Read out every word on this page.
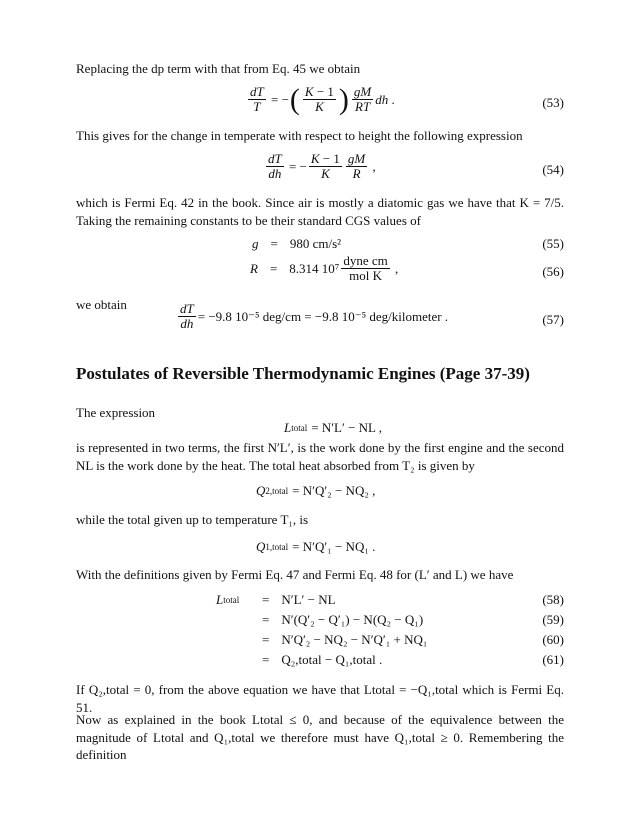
Replacing the dp term with that from Eq. 45 we obtain
$\frac{dT}{T}$ = − ( $\frac{K - 1}{K}$ ) $\frac{gM}{RT}$ dh .	(53)
This gives for the change in temperate with respect to height the following expression
$\frac{dT}{dh}$ = − $\frac{K - 1}{K} \frac{gM}{R}$ ,	(54)
which is Fermi Eq. 42 in the book. Since air is mostly a diatomic gas we have that K = 7/5. Taking the remaining constants to be their standard CGS values of
g = 980 cm/s²	(55)
R = 8.314 $10^7 \frac{\text{dyne cm}}{\text{mol K}}$ ,	(56)
we obtain	$\frac{dT}{dh} = -9.8$ 10⁻⁵ deg/cm = −9.8 10⁻⁵ deg/kilometer .	(57)
Postulates of Reversible Thermodynamic Engines (Page 37-39)
The expression
L total = N′L′ − NL ,
is represented in two terms, the first N′L′, is the work done by the first engine and the second NL is the work done by the heat. The total heat absorbed from T₂ is given by
Q 2,total = N′Q′₂ − NQ₂ ,
while the total given up to temperature T₁, is
Q 1,total = N′Q′₁ − NQ₁ .
With the definitions given by Fermi Eq. 47 and Fermi Eq. 48 for (L′ and L) we have
L total = N′L′ − NL	(58)
= N′(Q′₂ − Q′₁) − N(Q₂ − Q₁)	(59)
= N′Q′₂ − NQ₂ − N′Q′₁ + NQ₁	(60)
= Q₂,total − Q₁,total .	(61)
If Q₂,total = 0, from the above equation we have that Ltotal = −Q₁,total which is Fermi Eq. 51.
Now as explained in the book Ltotal ≤ 0, and because of the equivalence between the magnitude of Ltotal and Q₁,total we therefore must have Q₁,total ≥ 0. Remembering the definition
